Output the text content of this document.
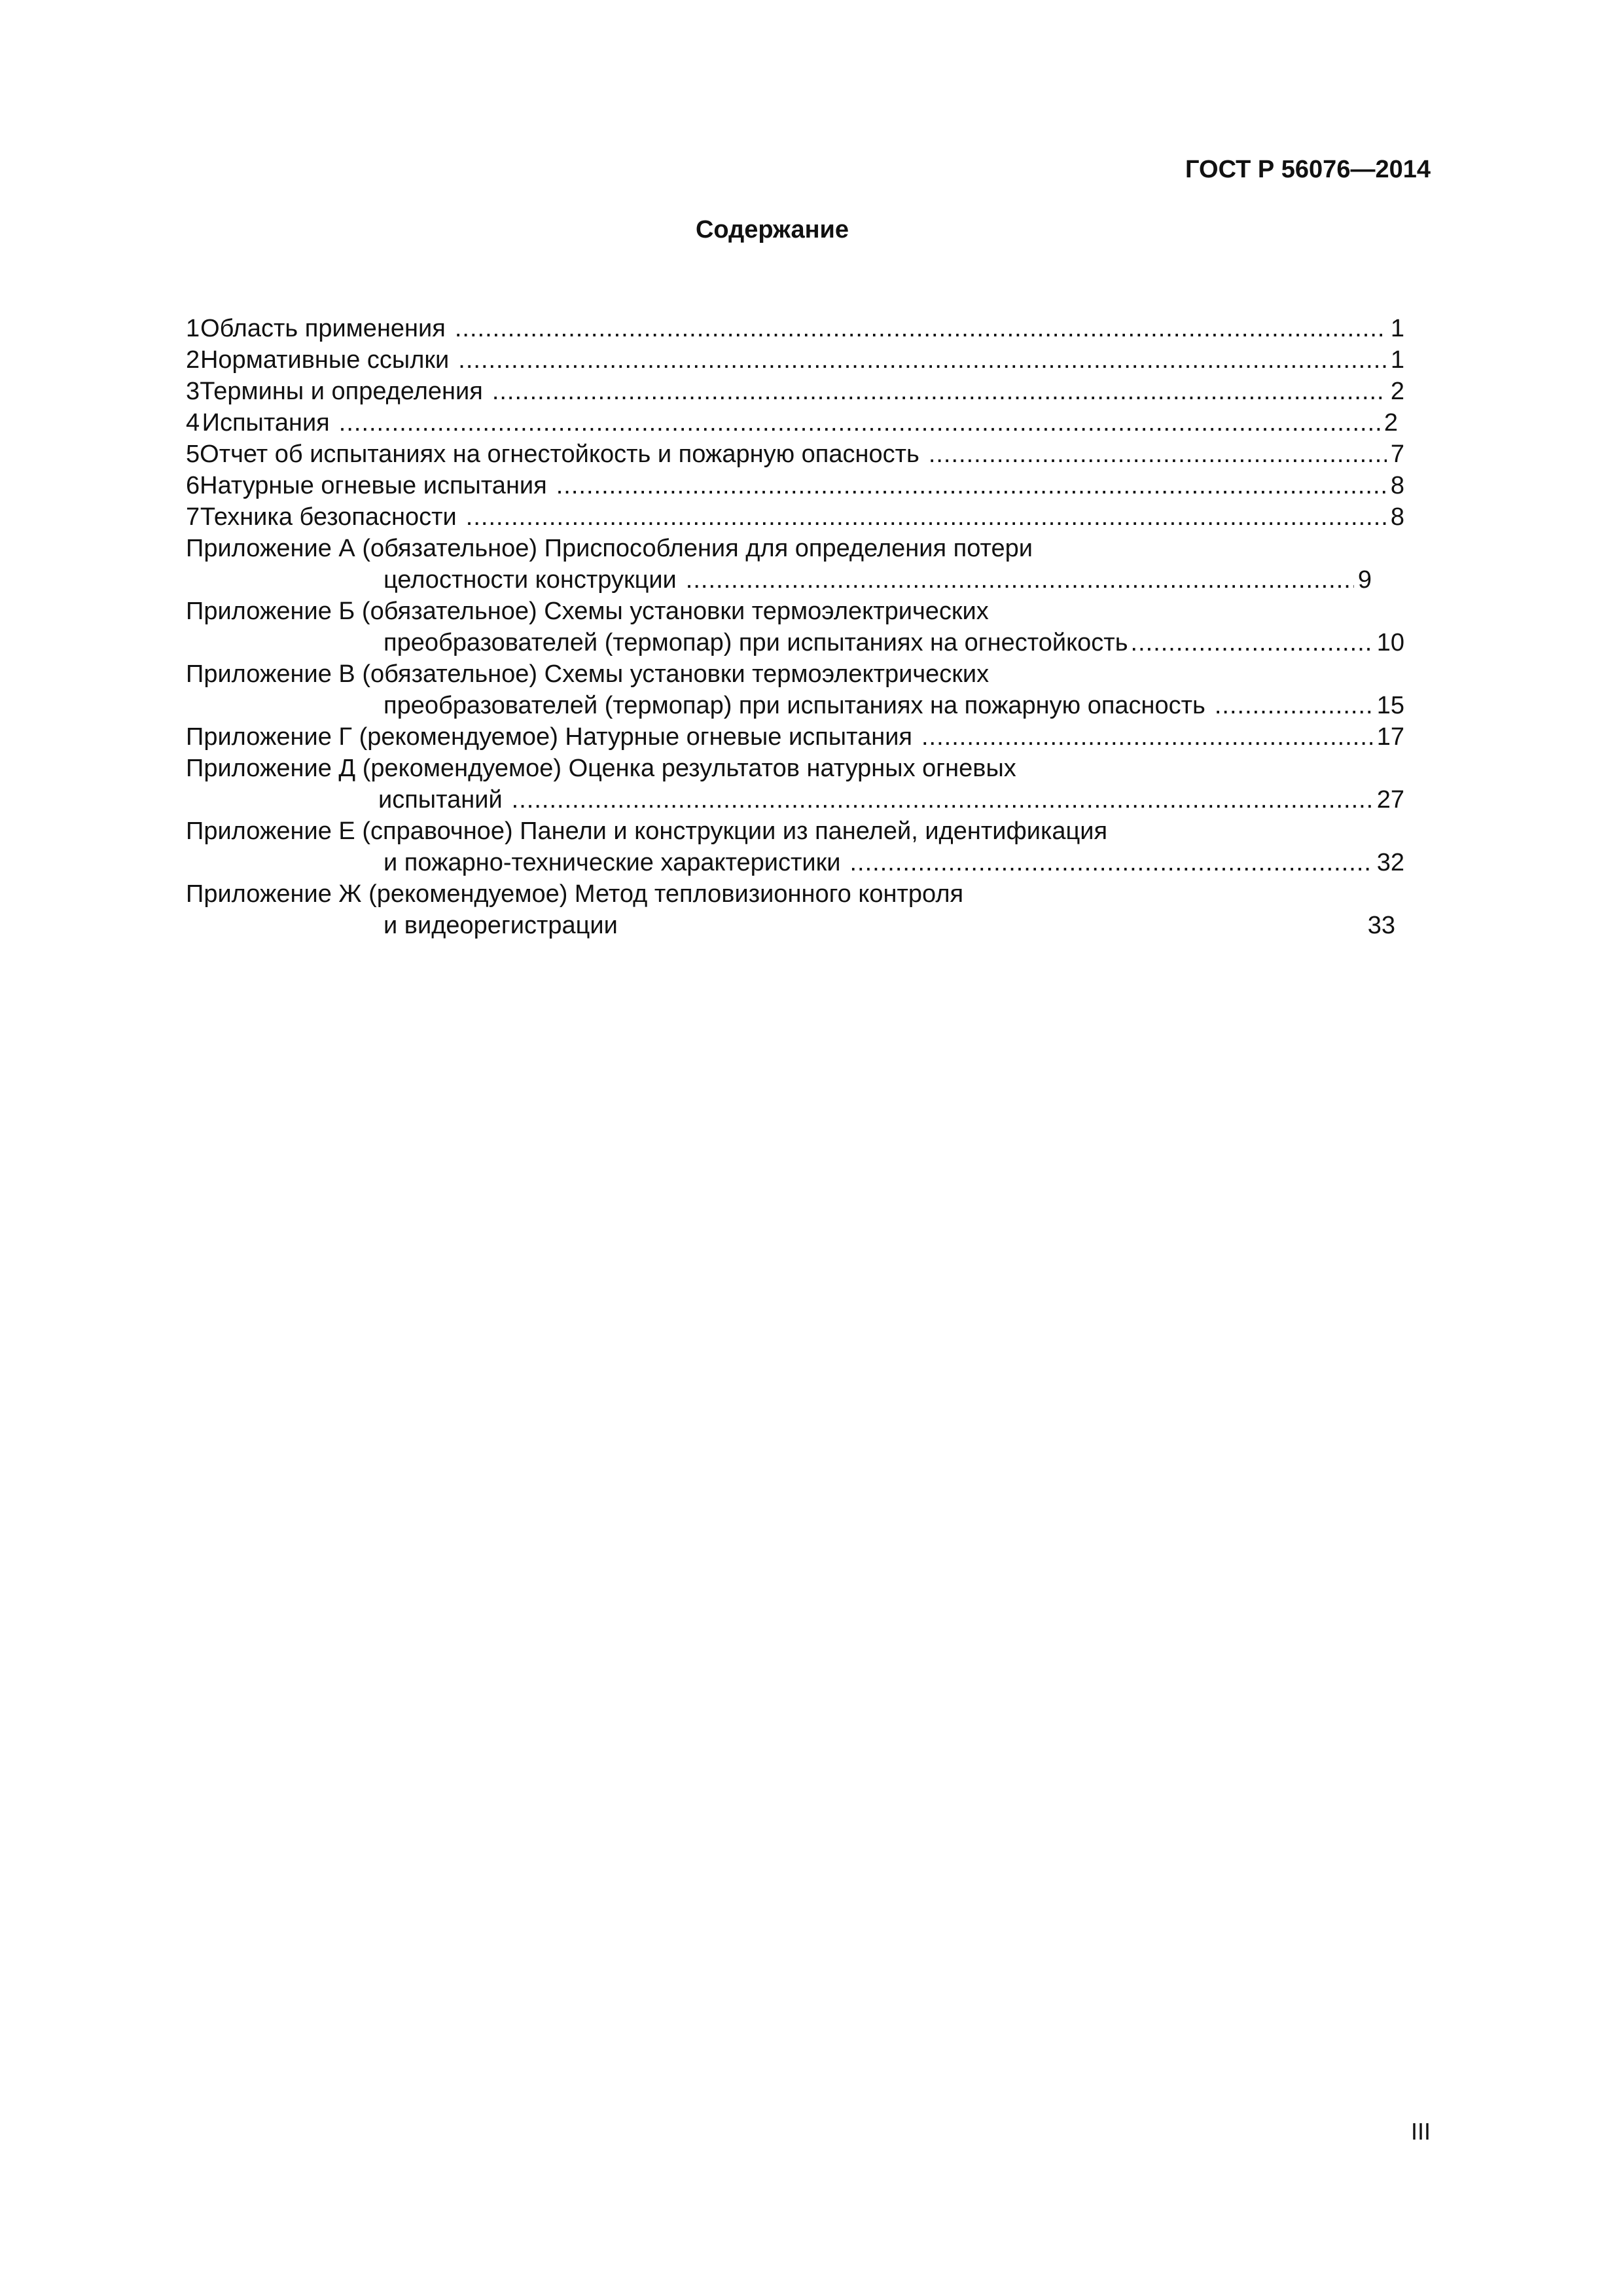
ГОСТ Р 56076—2014
Содержание
1 Область применения .....	1
2 Нормативные ссылки .....	1
3 Термины и определения .....	2
4 Испытания .....	2
5 Отчет об испытаниях на огнестойкость и пожарную опасность .....	7
6 Натурные огневые испытания .....	8
7 Техника безопасности .....	8
Приложение А (обязательное) Приспособления для определения потери
целостности конструкции .....	9
Приложение Б (обязательное) Схемы установки термоэлектрических
преобразователей (термопар) при испытаниях на огнестойкость .....	10
Приложение В (обязательное) Схемы установки термоэлектрических
преобразователей (термопар) при испытаниях на пожарную опасность .....	15
Приложение Г (рекомендуемое) Натурные огневые испытания .....	17
Приложение Д (рекомендуемое) Оценка результатов натурных огневых
испытаний .....	27
Приложение Е (справочное) Панели и конструкции из панелей, идентификация
и пожарно-технические характеристики .....	32
Приложение Ж (рекомендуемое) Метод тепловизионного контроля
и видеорегистрации	33
III
